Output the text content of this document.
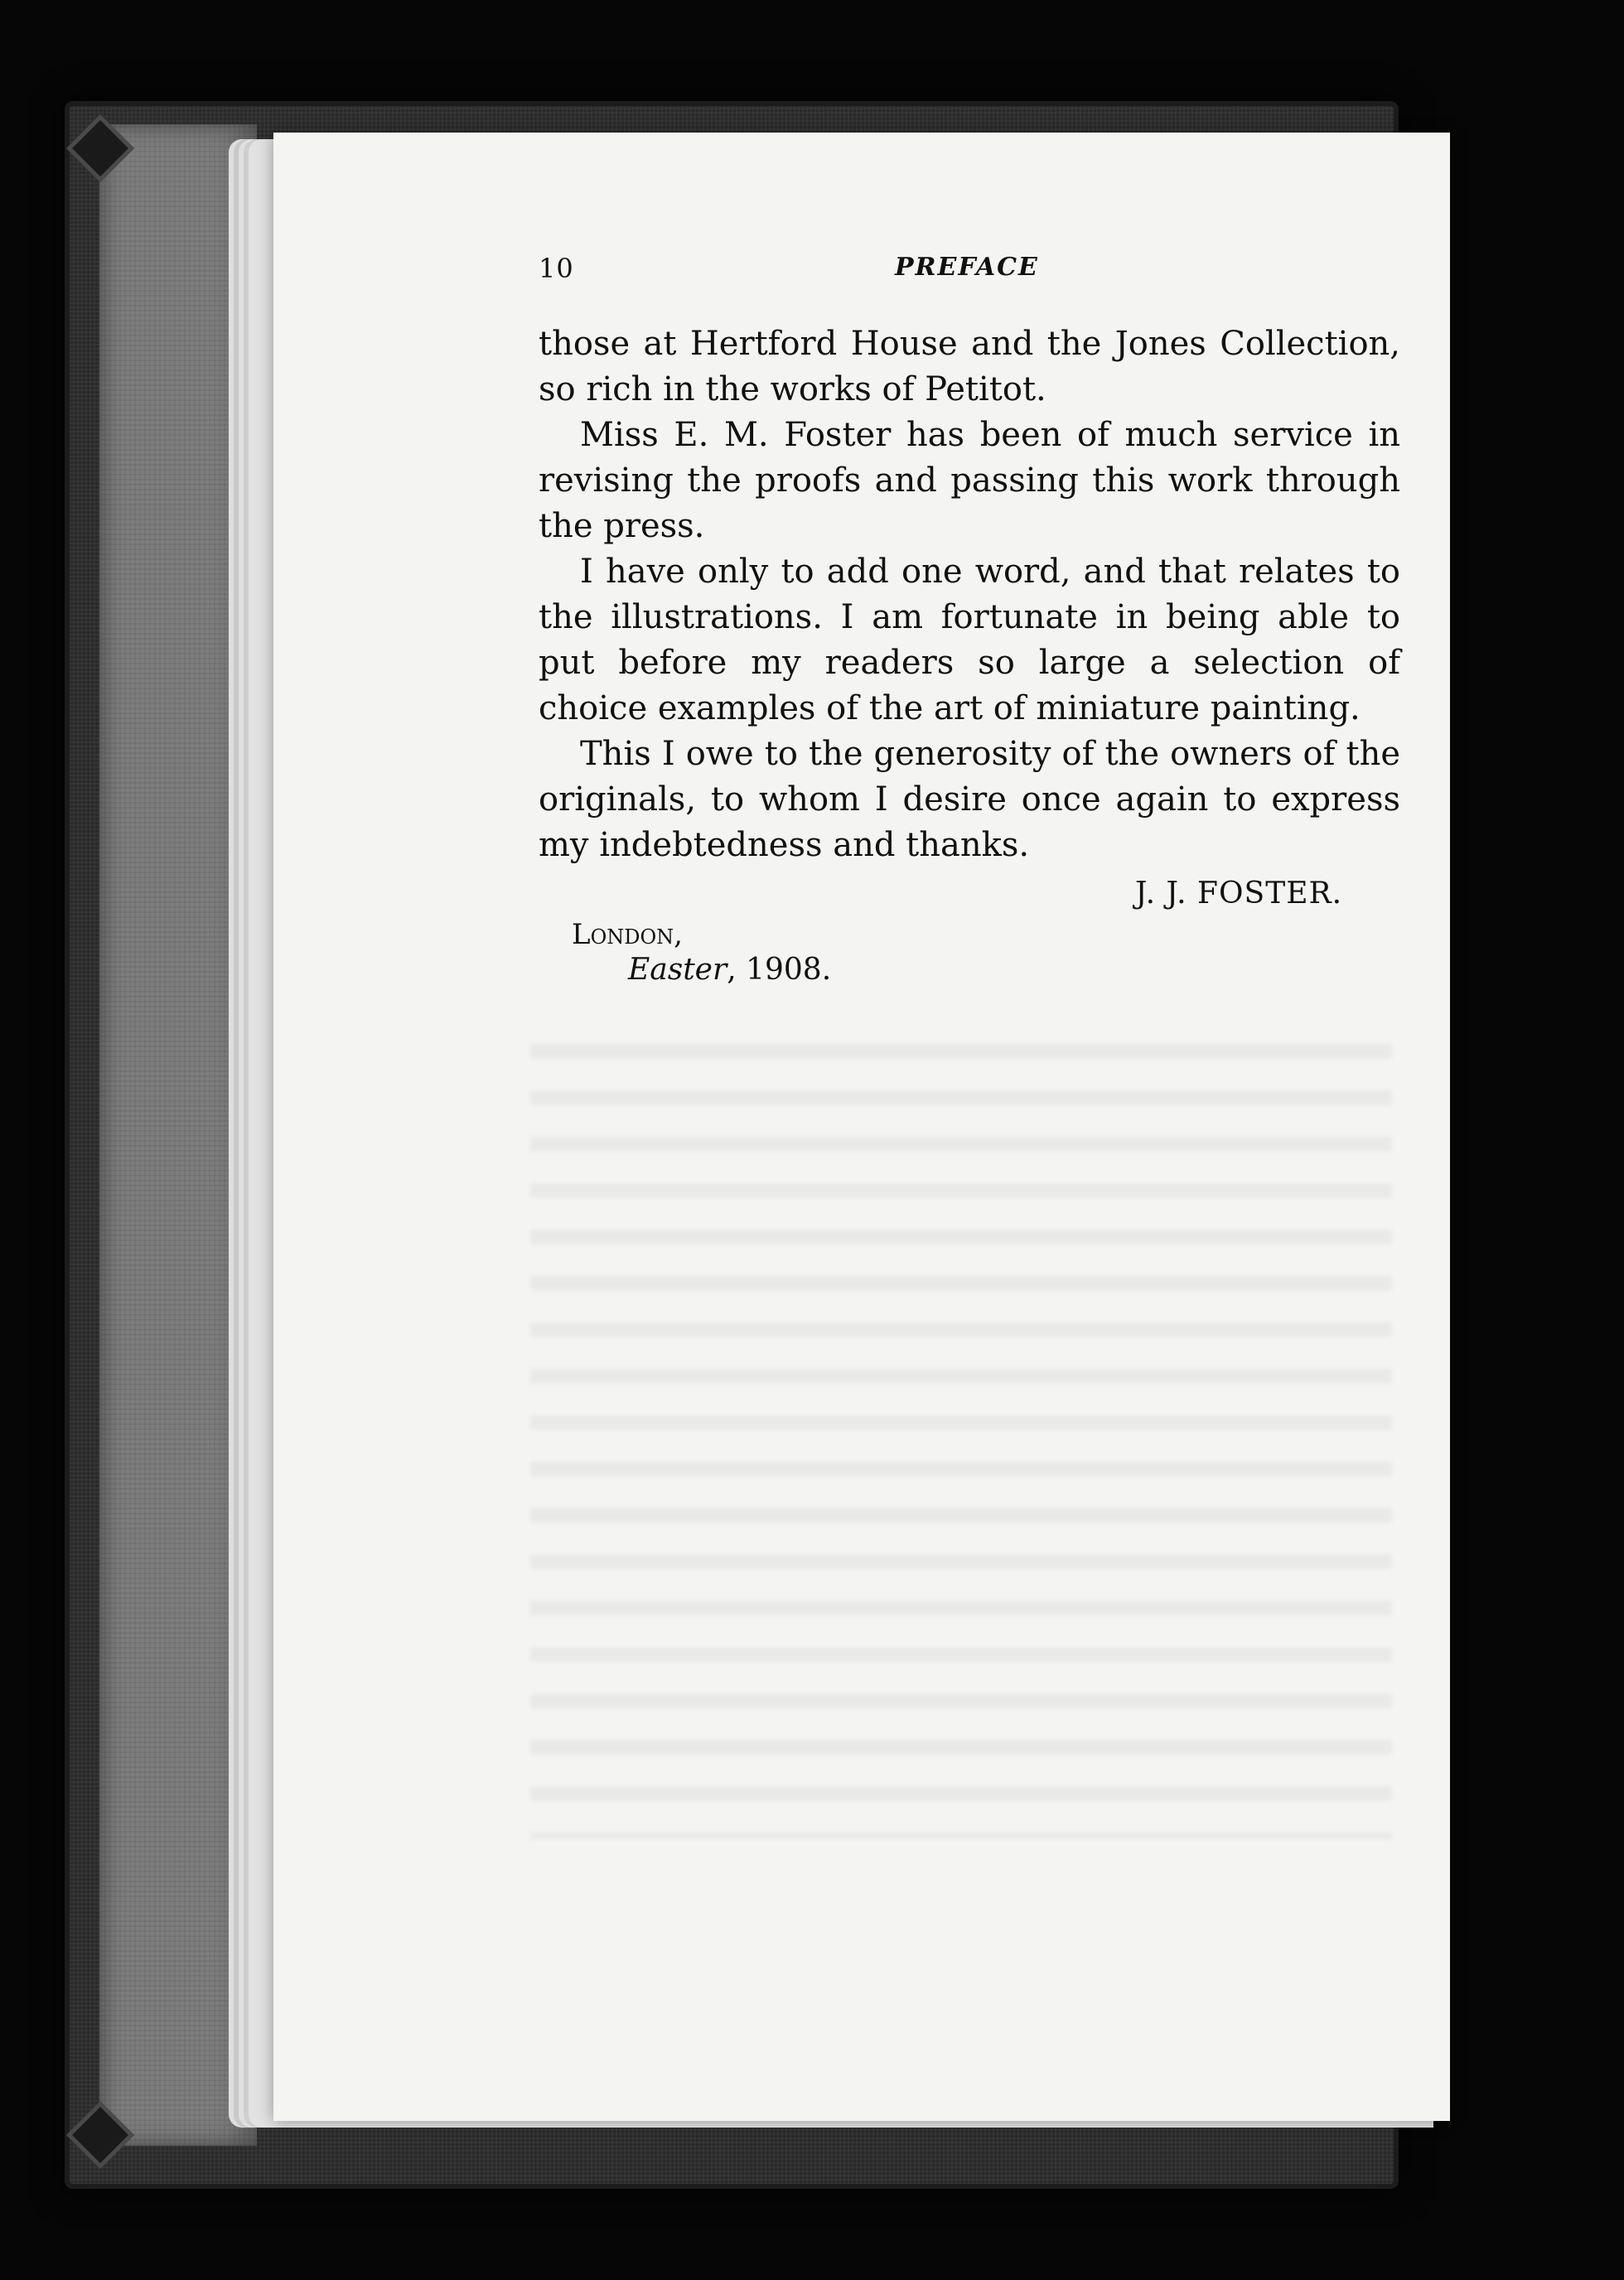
10	PREFACE

those at Hertford House and the Jones Collection, so rich in the works of Petitot.

Miss E. M. Foster has been of much service in revising the proofs and passing this work through the press.

I have only to add one word, and that relates to the illustrations. I am fortunate in being able to put before my readers so large a selection of choice examples of the art of miniature painting.

This I owe to the generosity of the owners of the originals, to whom I desire once again to express my indebtedness and thanks.

J. J. FOSTER.
London,
Easter, 1908.
